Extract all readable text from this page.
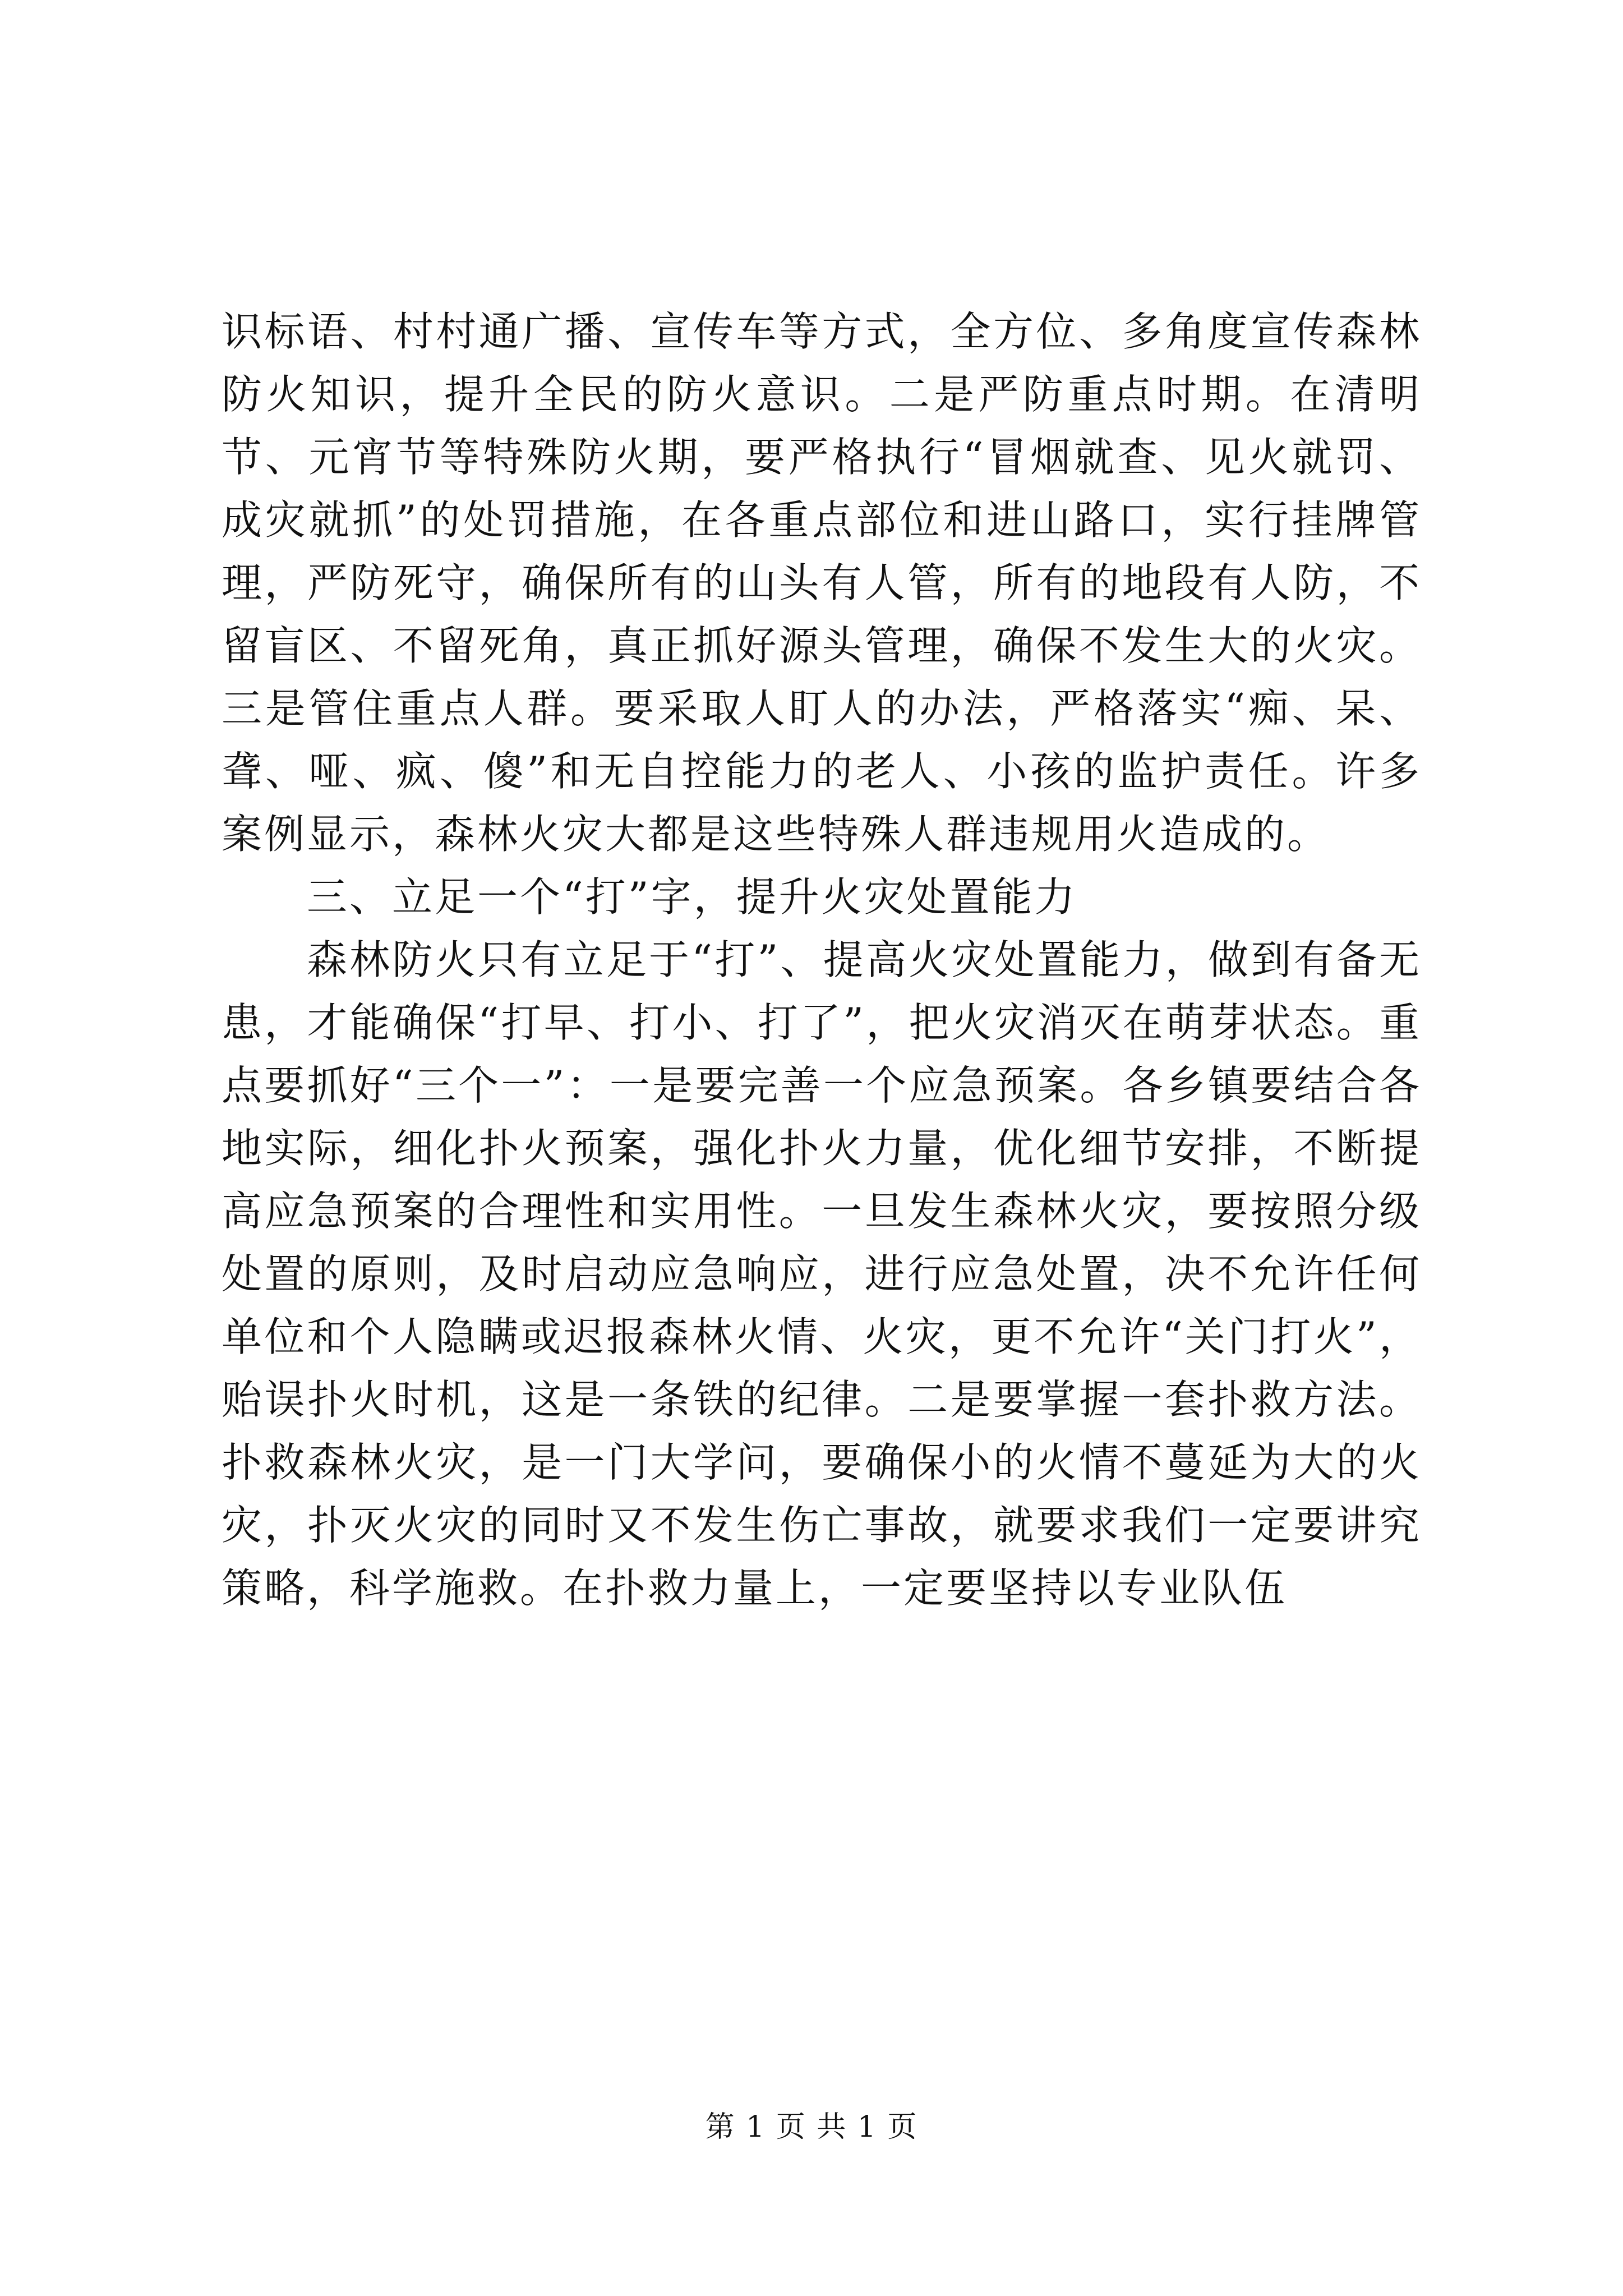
识标语、村村通广播、宣传车等方式，全方位、多角度宣传森林防火知识，提升全民的防火意识。二是严防重点时期。在清明节、元宵节等特殊防火期，要严格执行“冒烟就查、见火就罚、成灾就抓”的处罚措施，在各重点部位和进山路口，实行挂牌管理，严防死守，确保所有的山头有人管，所有的地段有人防，不留盲区、不留死角，真正抓好源头管理，确保不发生大的火灾。三是管住重点人群。要采取人盯人的办法，严格落实“痴、呆、聋、哑、疯、傻”和无自控能力的老人、小孩的监护责任。许多案例显示，森林火灾大都是这些特殊人群违规用火造成的。

三、立足一个“打”字，提升火灾处置能力

森林防火只有立足于“打”、提高火灾处置能力，做到有备无患，才能确保“打早、打小、打了”，把火灾消灭在萌芽状态。重点要抓好“三个一”：一是要完善一个应急预案。各乡镇要结合各地实际，细化扑火预案，强化扑火力量，优化细节安排，不断提高应急预案的合理性和实用性。一旦发生森林火灾，要按照分级处置的原则，及时启动应急响应，进行应急处置，决不允许任何单位和个人隐瞒或迟报森林火情、火灾，更不允许“关门打火”，贻误扑火时机，这是一条铁的纪律。二是要掌握一套扑救方法。扑救森林火灾，是一门大学问，要确保小的火情不蔓延为大的火灾，扑灭火灾的同时又不发生伤亡事故，就要求我们一定要讲究策略，科学施救。在扑救力量上，一定要坚持以专业队伍

第 1 页 共 1 页
